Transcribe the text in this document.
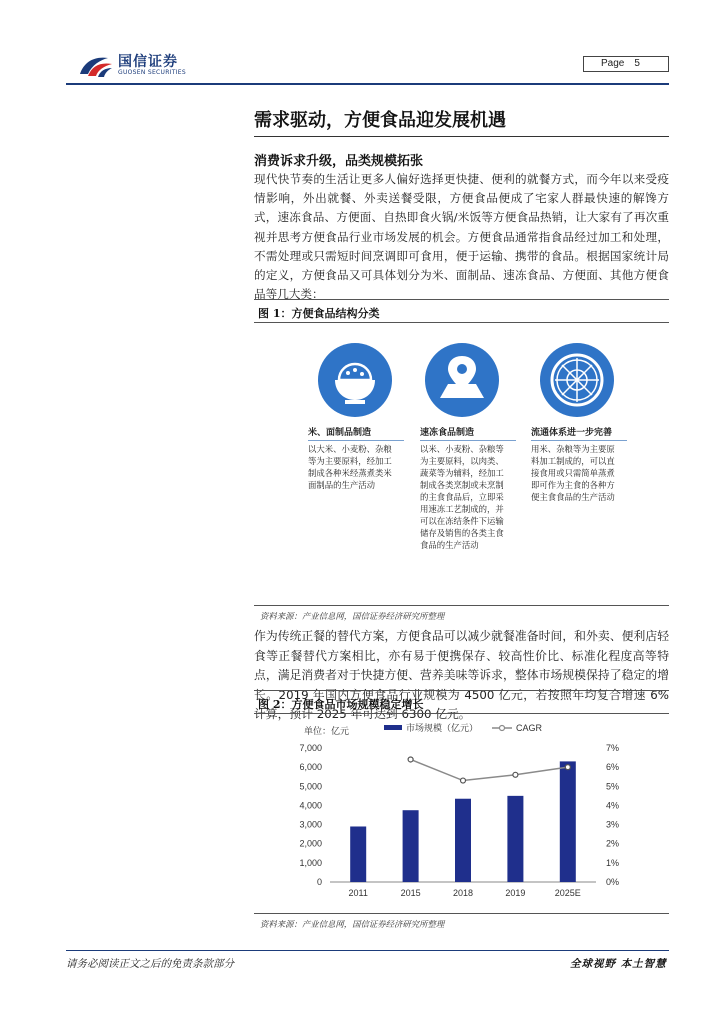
国信证券
GUOSEN SECURITIES
Page 5
需求驱动，方便食品迎发展机遇
消费诉求升级，品类规模拓张
现代快节奏的生活让更多人偏好选择更快捷、便利的就餐方式，而今年以来受疫情影响，外出就餐、外卖送餐受限，方便食品便成了宅家人群最快速的解馋方式，速冻食品、方便面、自热即食火锅/米饭等方便食品热销，让大家有了再次重视并思考方便食品行业市场发展的机会。方便食品通常指食品经过加工和处理，不需处理或只需短时间烹调即可食用，便于运输、携带的食品。根据国家统计局的定义，方便食品又可具体划分为米、面制品、速冻食品、方便面、其他方便食品等几大类：
图 1：方便食品结构分类
米、面制品制造
以大米、小麦粉、杂粮等为主要原料，经加工制成各种米经蒸煮类米面制品的生产活动
速冻食品制造
以米、小麦粉、杂粮等为主要原料，以肉类、蔬菜等为辅料，经加工制成各类烹制或未烹制的主食食品后，立即采用速冻工艺制成的，并可以在冻结条件下运输储存及销售的各类主食食品的生产活动
流通体系进一步完善
用米、杂粮等为主要原料加工制成的，可以直接食用或只需简单蒸煮即可作为主食的各种方便主食食品的生产活动
资料来源：产业信息网，国信证券经济研究所整理
作为传统正餐的替代方案，方便食品可以减少就餐准备时间，和外卖、便利店轻食等正餐替代方案相比，亦有易于便携保存、较高性价比、标准化程度高等特点，满足消费者对于快捷方便、营养美味等诉求，整体市场规模保持了稳定的增长。2019 年国内方便食品行业规模为 4500 亿元，若按照年均复合增速 6% 计算，预计 2025 年可达到 6300 亿元。
图 2：方便食品市场规模稳定增长
单位：亿元	市场规模（亿元）	CAGR
0
1,000
2,000
3,000
4,000
5,000
6,000
7,000
0%
1%
2%
3%
4%
5%
6%
7%
2011	2015	2018	2019	2025E
资料来源：产业信息网，国信证券经济研究所整理
请务必阅读正文之后的免责条款部分	全球视野 本土智慧
